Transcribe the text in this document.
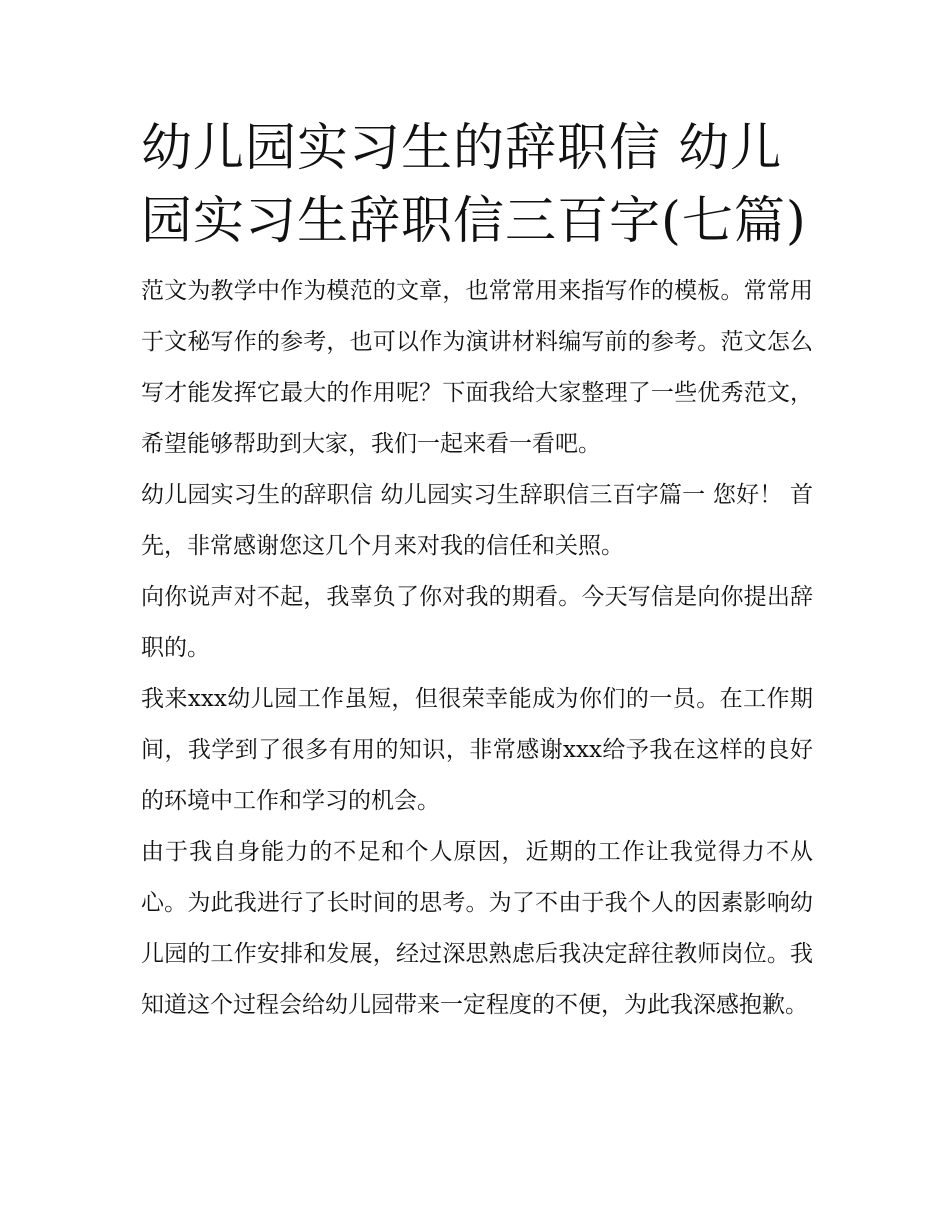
幼儿园实习生的辞职信 幼儿园实习生辞职信三百字(七篇)

范文为教学中作为模范的文章，也常常用来指写作的模板。常常用于文秘写作的参考，也可以作为演讲材料编写前的参考。范文怎么写才能发挥它最大的作用呢？下面我给大家整理了一些优秀范文，希望能够帮助到大家，我们一起来看一看吧。

幼儿园实习生的辞职信 幼儿园实习生辞职信三百字篇一 您好！ 首先，非常感谢您这几个月来对我的信任和关照。

向你说声对不起，我辜负了你对我的期看。今天写信是向你提出辞职的。

我来xxx幼儿园工作虽短，但很荣幸能成为你们的一员。在工作期间，我学到了很多有用的知识，非常感谢xxx给予我在这样的良好的环境中工作和学习的机会。

由于我自身能力的不足和个人原因，近期的工作让我觉得力不从心。为此我进行了长时间的思考。为了不由于我个人的因素影响幼儿园的工作安排和发展，经过深思熟虑后我决定辞往教师岗位。我知道这个过程会给幼儿园带来一定程度的不便，为此我深感抱歉。
